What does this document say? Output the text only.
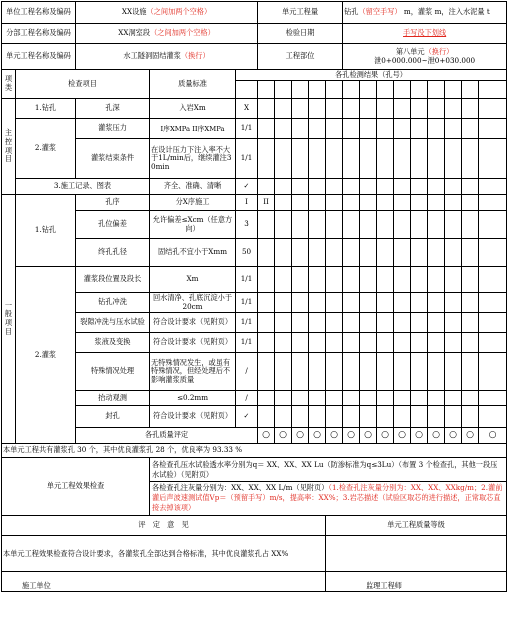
单位工程名称及编码		XX设施（之间加两个空格）			单元工程量					钻孔（留空手写） m，灌浆 m，注入水泥量 t									
分部工程名称及编码		XX洞室段（之间加两个空格）			检验日期					手写没下划线									
单元工程名称及编码		水工隧洞固结灌浆（换行）			工程部位					第八单元（换行）
泄0+000.000~泄0+030.000									
项类	检查项目		质量标准	各孔检测结果（孔号）															

主控项目	1.钻孔	孔深	入岩Xm	X															
	2.灌浆	灌浆压力	I序XMPa II序XMPa	1/1															
		灌浆结束条件	在设计压力下注入率不大于1L/min后，继续灌注30min	1/1															
	3.施工记录、图表		齐全、准确、清晰	✓															
一般项目	1.钻孔	孔序	分X序施工	I	II														
		孔位偏差	允许偏差≤Xcm（任意方向）	3															
		终孔孔径	固结孔不宜小于Xmm	50															
	2.灌浆	灌浆段位置及段长	Xm	1/1															
		钻孔冲洗	回水清净、孔底沉淀小于20cm	1/1															
		裂隙冲洗与压水试验	符合设计要求（见附页）	1/1															
		浆液及变换	符合设计要求（见附页）	1/1															
		特殊情况处理	无特殊情况发生，或虽有特殊情况，但经处理后不影响灌浆质量	/															
		抬动观测	≤0.2mm	/															
		封孔	符合设计要求（见附页）	✓															
		各孔质量评定			○	○	○	○	○	○	○	○	○	○	○	○	○	○	
本单元工程共有灌浆孔 30 个，其中优良灌浆孔 28 个，优良率为 93.33 %																			
单元工程效果检查			各检查孔压水试验透水率分别为q＝ XX、XX、XX Lu（防渗标准为q≤3Lu）（布置 3 个检查孔，其他一段压水试验）（见附页）
各检查孔注灰量分别为：XX、XX、XX L/m（见附页）（1.检查孔注灰量分别为：XX、XX、XXkg/m；2.灌前灌后声波速测试值Vp＝（预留手写）m/s，提高率：XX%；3.岩芯描述（试验区取芯的进行描述，正常取芯直接去掉该项）																

评　定　意　见									单元工程质量等级										
本单元工程效果检查符合设计要求，各灌浆孔全部达到合格标准，其中优良灌浆孔占 XX%																			
施工单位									监理工程师										
